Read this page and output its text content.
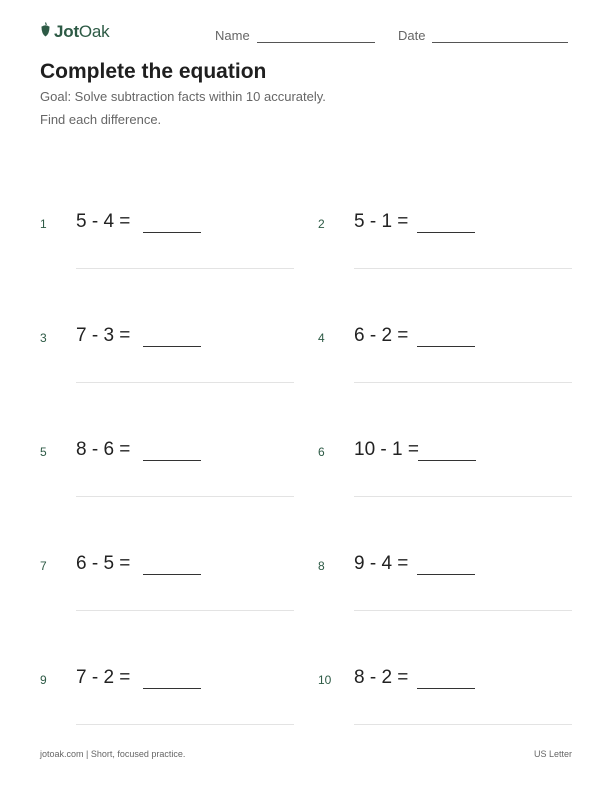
JotOak	Name	Date
Complete the equation
Goal: Solve subtraction facts within 10 accurately.
Find each difference.
1 5 - 4 =	2 5 - 1 =
3 7 - 3 =	4 6 - 2 =
5 8 - 6 =	6 10 - 1 =
7 6 - 5 =	8 9 - 4 =
9 7 - 2 =	10 8 - 2 =
jotoak.com | Short, focused practice.	US Letter
